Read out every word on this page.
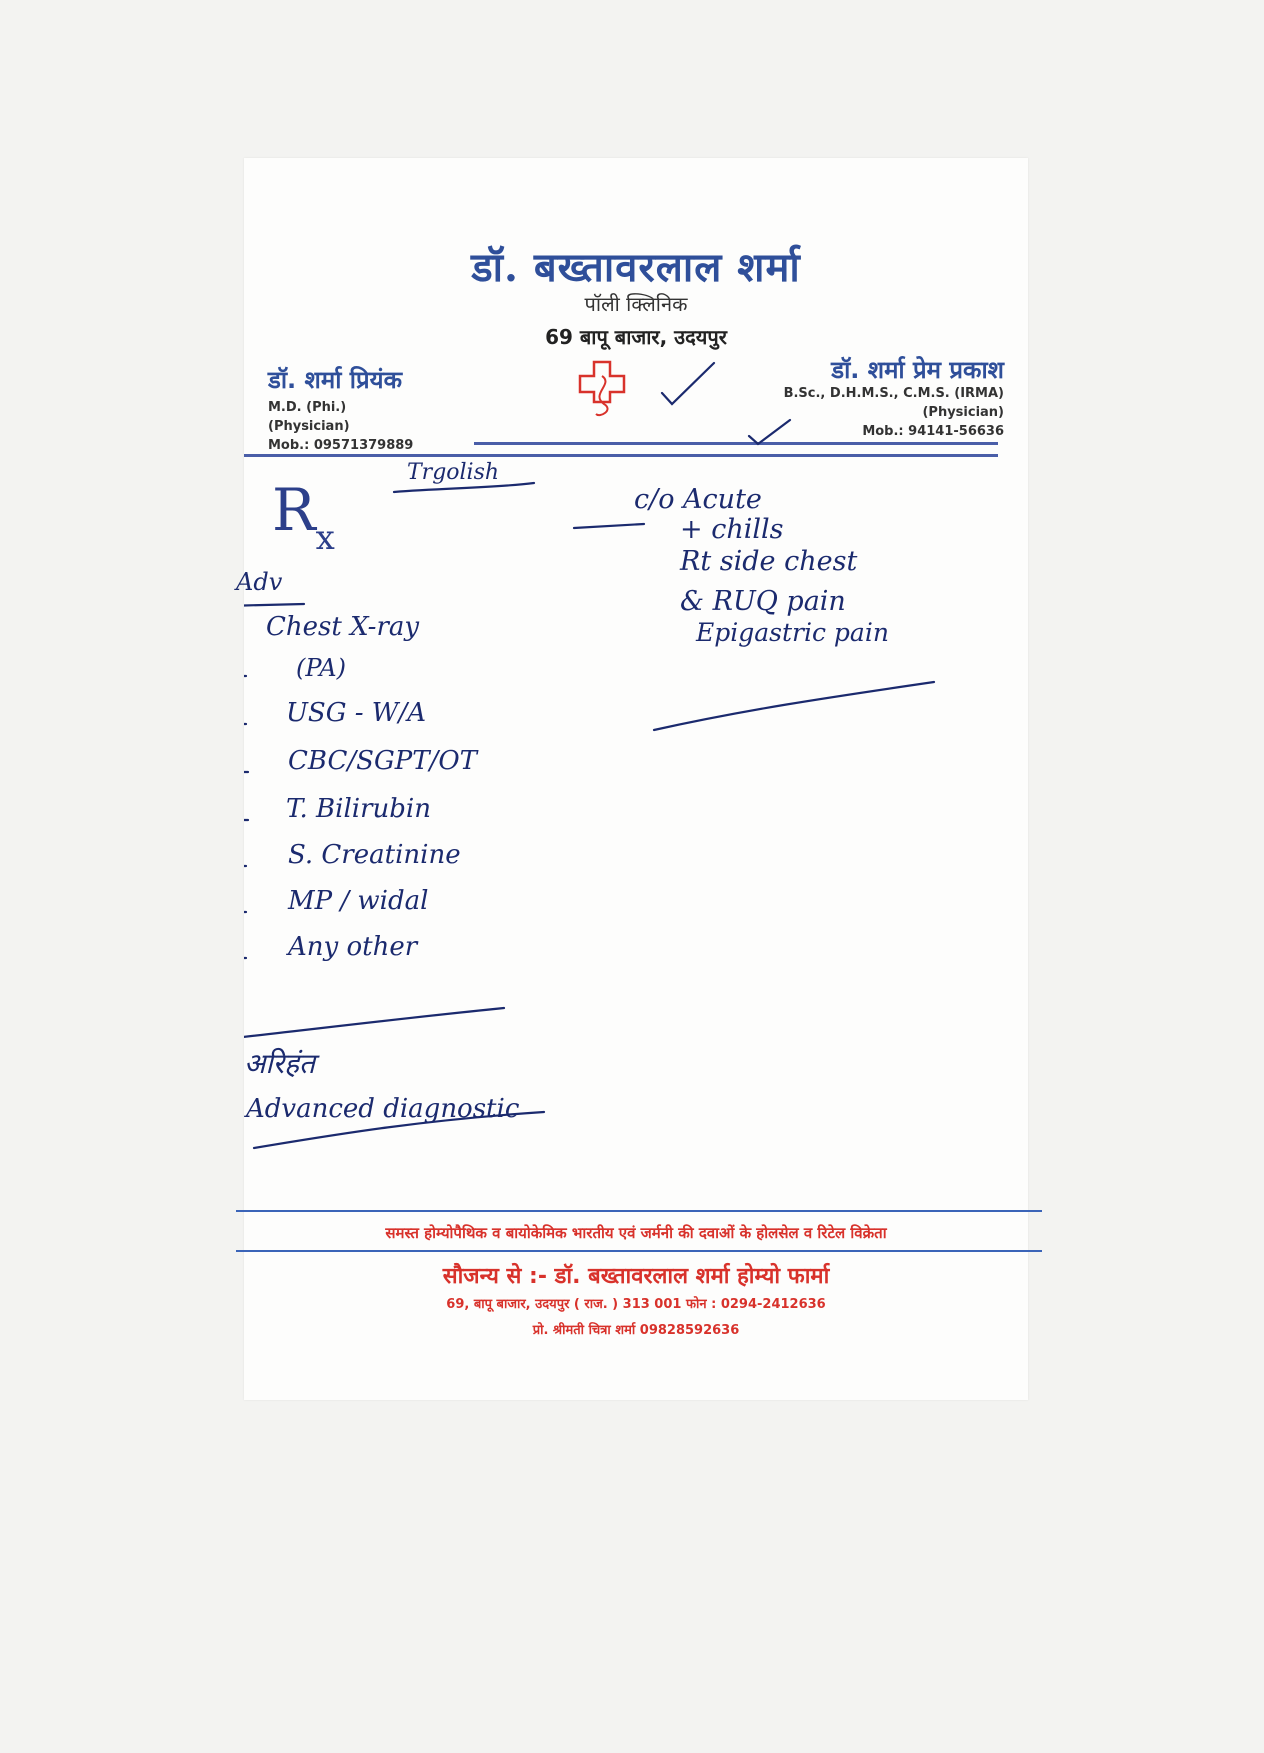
डॉ. बख्तावरलाल शर्मा
पॉली क्लिनिक
69 बापू बाजार, उदयपुर
डॉ. शर्मा प्रियंक
M.D. (Phi.)
(Physician)
Mob.: 09571379889
डॉ. शर्मा प्रेम प्रकाश
B.Sc., D.H.M.S., C.M.S. (IRMA)
(Physician)
Mob.: 94141-56636
$R_x$
Trgolish
c/o Acute
+ chills
Rt side chest
& RUQ pain
Epigastric pain
Adv
Chest X-ray
(PA)
USG - W/A
CBC/SGPT/OT
T. Bilirubin
S. Creatinine
MP / widal
Any other
अरिहंत
Advanced diagnostic
समस्त होम्योपैथिक व बायोकेमिक भारतीय एवं जर्मनी की दवाओं के होलसेल व रिटेल विक्रेता
सौजन्य से :- डॉ. बख्तावरलाल शर्मा होम्यो फार्मा
69, बापू बाजार, उदयपुर ( राज. ) 313 001 फोन : 0294-2412636
प्रो. श्रीमती चित्रा शर्मा 09828592636
